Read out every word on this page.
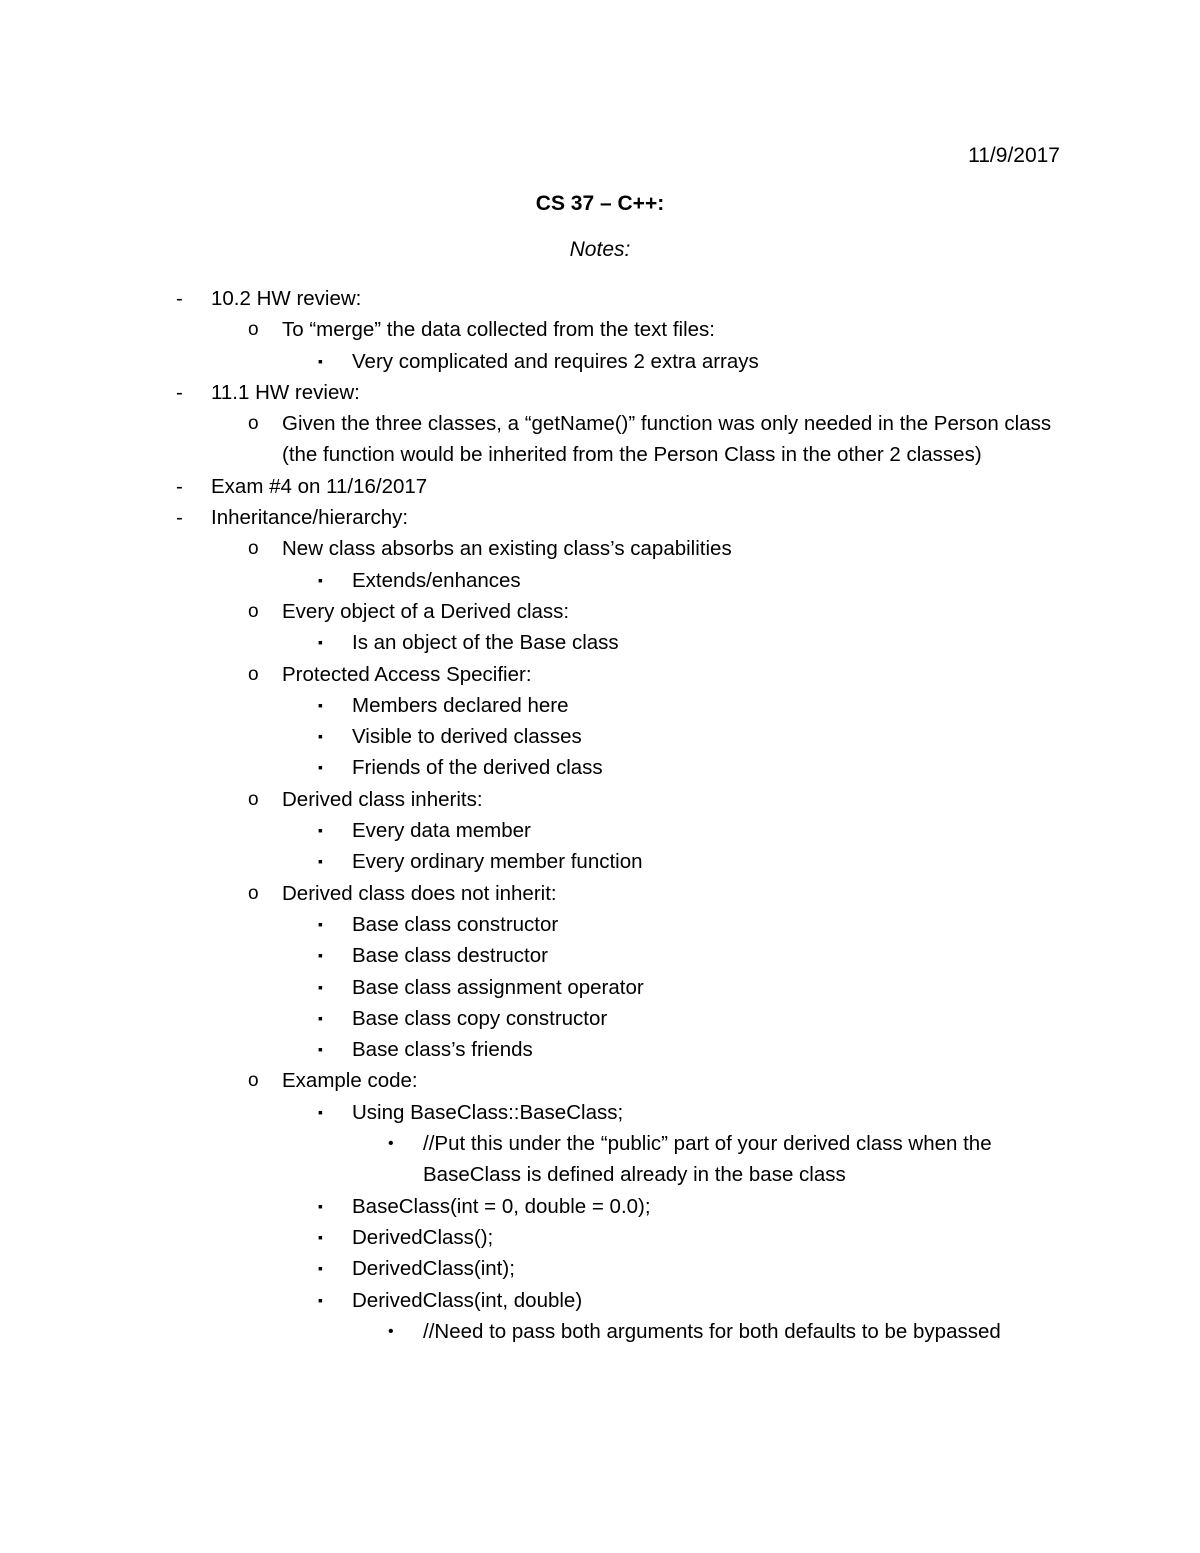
11/9/2017
CS 37 – C++:
Notes:
- 10.2 HW review:
o To “merge” the data collected from the text files:
▪ Very complicated and requires 2 extra arrays
- 11.1 HW review:
o Given the three classes, a “getName()” function was only needed in the Person class (the function would be inherited from the Person Class in the other 2 classes)
- Exam #4 on 11/16/2017
- Inheritance/hierarchy:
o New class absorbs an existing class’s capabilities
▪ Extends/enhances
o Every object of a Derived class:
▪ Is an object of the Base class
o Protected Access Specifier:
▪ Members declared here
▪ Visible to derived classes
▪ Friends of the derived class
o Derived class inherits:
▪ Every data member
▪ Every ordinary member function
o Derived class does not inherit:
▪ Base class constructor
▪ Base class destructor
▪ Base class assignment operator
▪ Base class copy constructor
▪ Base class’s friends
o Example code:
▪ Using BaseClass::BaseClass;
• //Put this under the “public” part of your derived class when the BaseClass is defined already in the base class
▪ BaseClass(int = 0, double = 0.0);
▪ DerivedClass();
▪ DerivedClass(int);
▪ DerivedClass(int, double)
• //Need to pass both arguments for both defaults to be bypassed
